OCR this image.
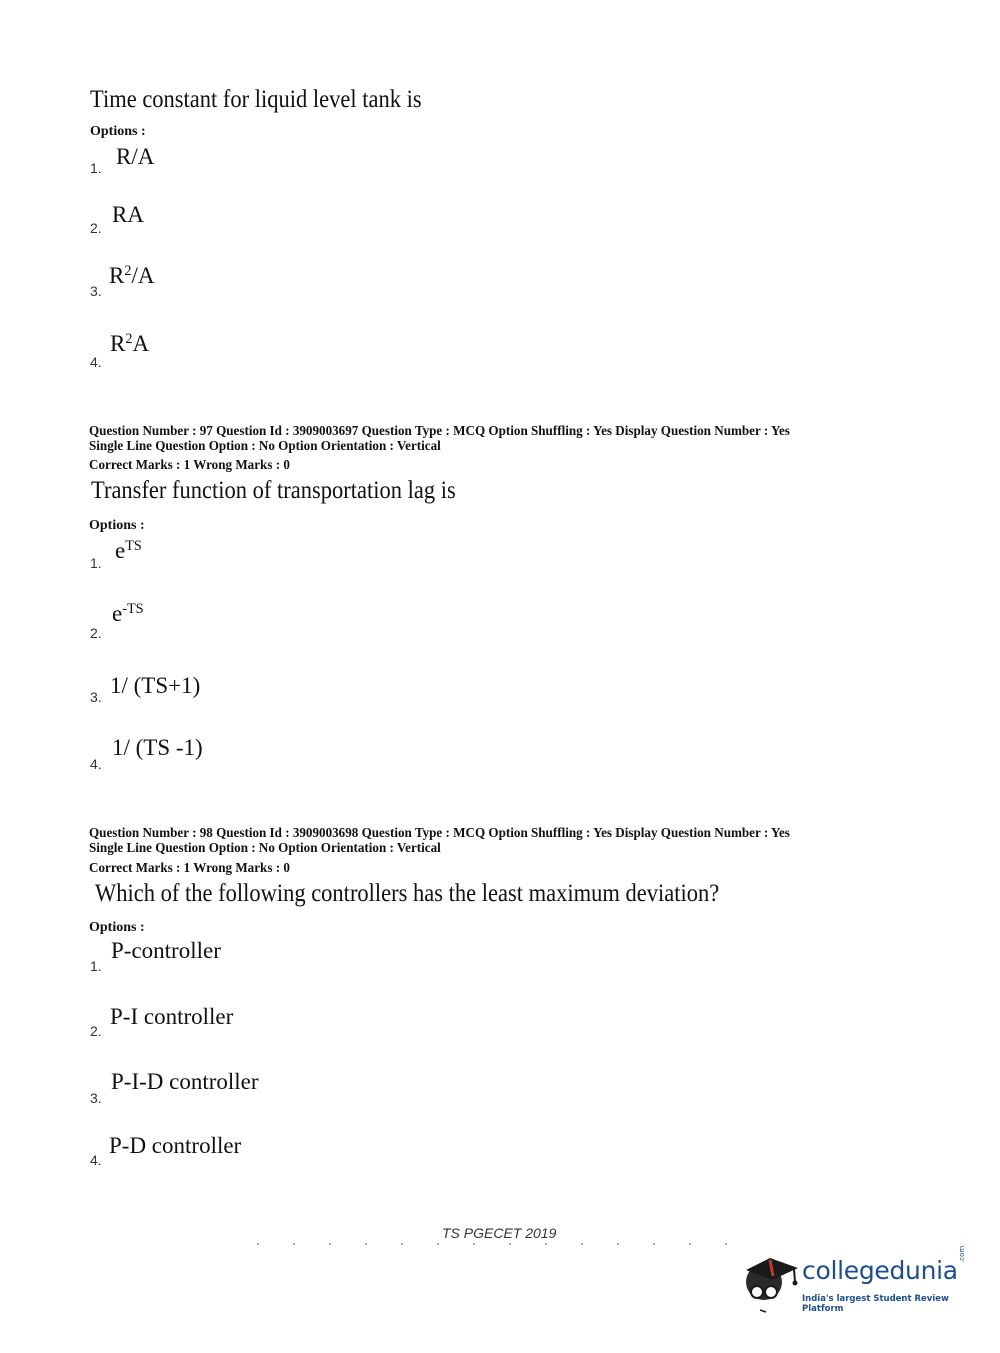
Time constant for liquid level tank is
Options :
1. R/A
2.
RA
3.
$R^2/A$
4.
$R^2A$
Question Number : 97 Question Id : 3909003697 Question Type : MCQ Option Shuffling : Yes Display Question Number : Yes
Single Line Question Option : No Option Orientation : Vertical
Correct Marks : 1 Wrong Marks : 0
Transfer function of transportation lag is
Options :
1. $e^{TS}$
2.
$e^{-TS}$
3. 1/ (TS+1)
4.
1/ (TS -1)
Question Number : 98 Question Id : 3909003698 Question Type : MCQ Option Shuffling : Yes Display Question Number : Yes
Single Line Question Option : No Option Orientation : Vertical
Correct Marks : 1 Wrong Marks : 0
Which of the following controllers has the least maximum deviation?
Options :
1.
P-controller
2.
P-I controller
3.
P-I-D controller
4.
P-D controller
TS PGECET 2019
collegedunia
.com
India's largest Student Review Platform
